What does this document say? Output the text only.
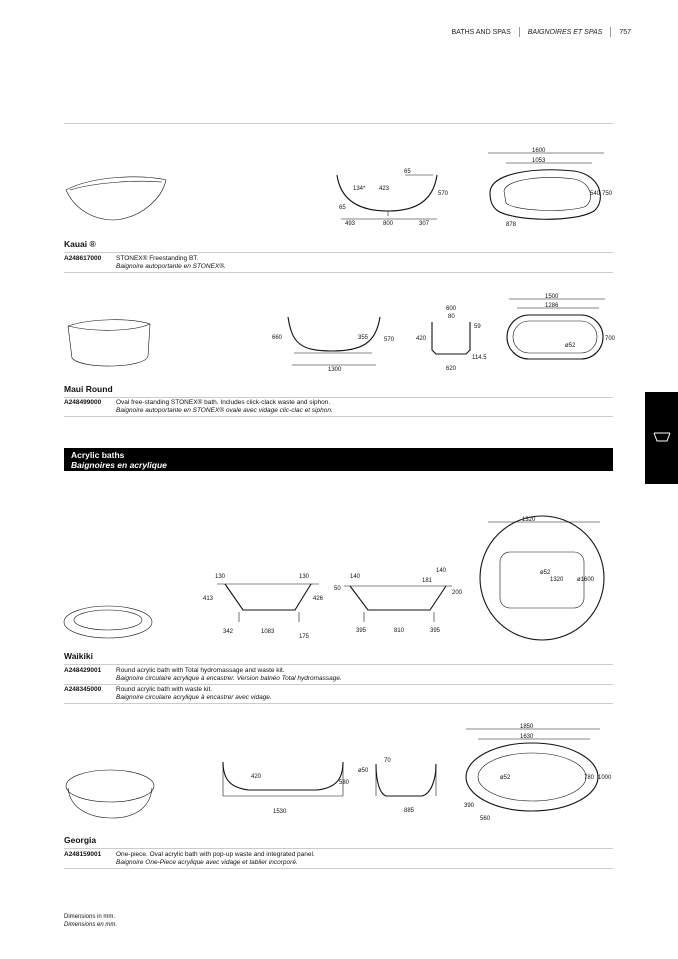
BATHS AND SPAS BAIGNOIRES ET SPAS 757
65
134* 423
570
65
493	800	307
1600
1053
540 750
878
Kauai ®
A248617000 STONEX® Freestanding BT.
Baignoire autoportante en STONEX®.
660	355	570
1300
600
80
59
420
114.5
620
1500
1286
700
ø52
Maui Round
A248499000 Oval free-standing STONEX® bath. Includes click-clack waste and siphon.
Baignoire autoportante en STONEX® ovale avec vidage clic-clac et siphon.
Acrylic baths
Baignoires en acrylique
130	130
413	426
342	1083
175
140
140
181
50
200
395	810	395
1320
ø52
1320 ø1600
Waikiki
A248429001 Round acrylic bath with Total hydromassage and waste kit.
Baignoire circulaire acrylique à encastrer. Version balnéo Total hydromassage.
A248345000 Round acrylic bath with waste kit.
Baignoire circulaire acrylique à encastrer avec vidage.
420
580
1530
70
ø50
885
1850
1630
ø52	780 1000
390
560
Georgia
A248159001 One-piece. Oval acrylic bath with pop-up waste and integrated panel.
Baignoire One-Piece acrylique avec vidage et tablier incorporé.
Dimensions in mm.
Dimensions en mm.
